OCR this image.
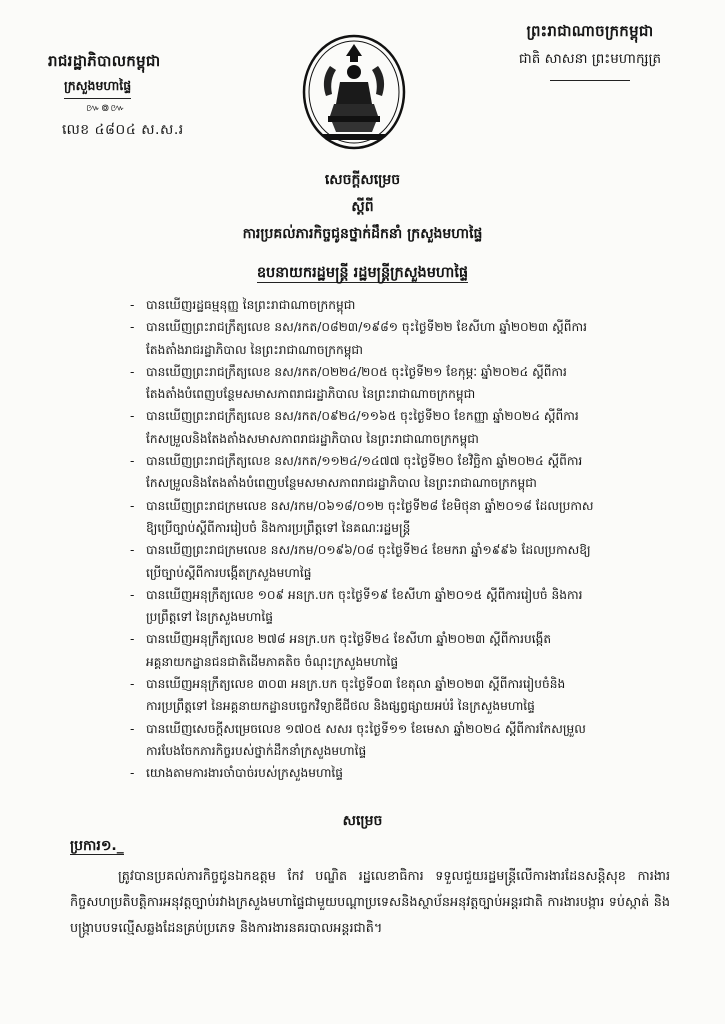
រាជរដ្ឋាភិបាលកម្ពុជា
ក្រសួងមហាផ្ទៃ
៚៙៚
លេខ ៤៨០៤ ស.ស.រ
ព្រះរាជាណាចក្រកម្ពុជា
ជាតិ សាសនា ព្រះមហាក្សត្រ
សេចក្ដីសម្រេច
ស្ដីពី
ការប្រគល់ភារកិច្ចជូនថ្នាក់ដឹកនាំ ក្រសួងមហាផ្ទៃ
ឧបនាយករដ្ឋមន្ត្រី រដ្ឋមន្ត្រីក្រសួងមហាផ្ទៃ
- បានឃើញរដ្ឋធម្មនុញ្ញ នៃព្រះរាជាណាចក្រកម្ពុជា
- បានឃើញព្រះរាជក្រឹត្យលេខ នស/រកត/០៨២៣/១៩៨១ ចុះថ្ងៃទី២២ ខែសីហា ឆ្នាំ២០២៣ ស្ដីពីការ
តែងតាំងរាជរដ្ឋាភិបាល នៃព្រះរាជាណាចក្រកម្ពុជា
- បានឃើញព្រះរាជក្រឹត្យលេខ នស/រកត/០២២៤/២០៥ ចុះថ្ងៃទី២១ ខែកុម្ភៈ ឆ្នាំ២០២៤ ស្ដីពីការ
តែងតាំងបំពេញបន្ថែមសមាសភាពរាជរដ្ឋាភិបាល នៃព្រះរាជាណាចក្រកម្ពុជា
- បានឃើញព្រះរាជក្រឹត្យលេខ នស/រកត/០៩២៤/១១៦៥ ចុះថ្ងៃទី២០ ខែកញ្ញា ឆ្នាំ២០២៤ ស្ដីពីការ
កែសម្រួលនិងតែងតាំងសមាសភាពរាជរដ្ឋាភិបាល នៃព្រះរាជាណាចក្រកម្ពុជា
- បានឃើញព្រះរាជក្រឹត្យលេខ នស/រកត/១១២៤/១៤៧៧ ចុះថ្ងៃទី២០ ខែវិច្ឆិកា ឆ្នាំ២០២៤ ស្ដីពីការ
កែសម្រួលនិងតែងតាំងបំពេញបន្ថែមសមាសភាពរាជរដ្ឋាភិបាល នៃព្រះរាជាណាចក្រកម្ពុជា
- បានឃើញព្រះរាជក្រមលេខ នស/រកម/០៦១៨/០១២ ចុះថ្ងៃទី២៨ ខែមិថុនា ឆ្នាំ២០១៨ ដែលប្រកាស
ឱ្យប្រើច្បាប់ស្ដីពីការរៀបចំ និងការប្រព្រឹត្តទៅ នៃគណៈរដ្ឋមន្ត្រី
- បានឃើញព្រះរាជក្រមលេខ នស/រកម/០១៩៦/០៨ ចុះថ្ងៃទី២៤ ខែមករា ឆ្នាំ១៩៩៦ ដែលប្រកាសឱ្យ
ប្រើច្បាប់ស្ដីពីការបង្កើតក្រសួងមហាផ្ទៃ
- បានឃើញអនុក្រឹត្យលេខ ១០៩ អនក្រ.បក ចុះថ្ងៃទី១៩ ខែសីហា ឆ្នាំ២០១៥ ស្ដីពីការរៀបចំ និងការ
ប្រព្រឹត្តទៅ នៃក្រសួងមហាផ្ទៃ
- បានឃើញអនុក្រឹត្យលេខ ២៧៨ អនក្រ.បក ចុះថ្ងៃទី២៤ ខែសីហា ឆ្នាំ២០២៣ ស្ដីពីការបង្កើត
អគ្គនាយកដ្ឋានជនជាតិដើមភាគតិច ចំណុះក្រសួងមហាផ្ទៃ
- បានឃើញអនុក្រឹត្យលេខ ៣០៣ អនក្រ.បក ចុះថ្ងៃទី០៣ ខែតុលា ឆ្នាំ២០២៣ ស្ដីពីការរៀបចំនិង
ការប្រព្រឹត្តទៅ នៃអគ្គនាយកដ្ឋានបច្ចេកវិទ្យាឌីជីថល និងផ្សព្វផ្សាយអប់រំ នៃក្រសួងមហាផ្ទៃ
- បានឃើញសេចក្ដីសម្រេចលេខ ១៧០៥ សសរ ចុះថ្ងៃទី១១ ខែមេសា ឆ្នាំ២០២៤ ស្ដីពីការកែសម្រួល
ការបែងចែកភារកិច្ចរបស់ថ្នាក់ដឹកនាំក្រសួងមហាផ្ទៃ
- យោងតាមការងារចាំបាច់របស់ក្រសួងមហាផ្ទៃ
សម្រេច
ប្រការ១._
ត្រូវបានប្រគល់ភារកិច្ចជូនឯកឧត្ដម កែវ បណ្ឌិត រដ្ឋលេខាធិការ ទទួលជួយរដ្ឋមន្ត្រីលើការងារដែនសន្តិសុខ ការងារកិច្ចសហប្រតិបត្តិការអនុវត្តច្បាប់រវាងក្រសួងមហាផ្ទៃជាមួយបណ្ដាប្រទេសនិងស្ថាប័នអនុវត្តច្បាប់អន្តរជាតិ ការងារបង្ការ ទប់ស្កាត់ និងបង្ក្រាបបទល្មើសឆ្លងដែនគ្រប់ប្រភេទ និងការងារនគរបាលអន្តរជាតិ។
